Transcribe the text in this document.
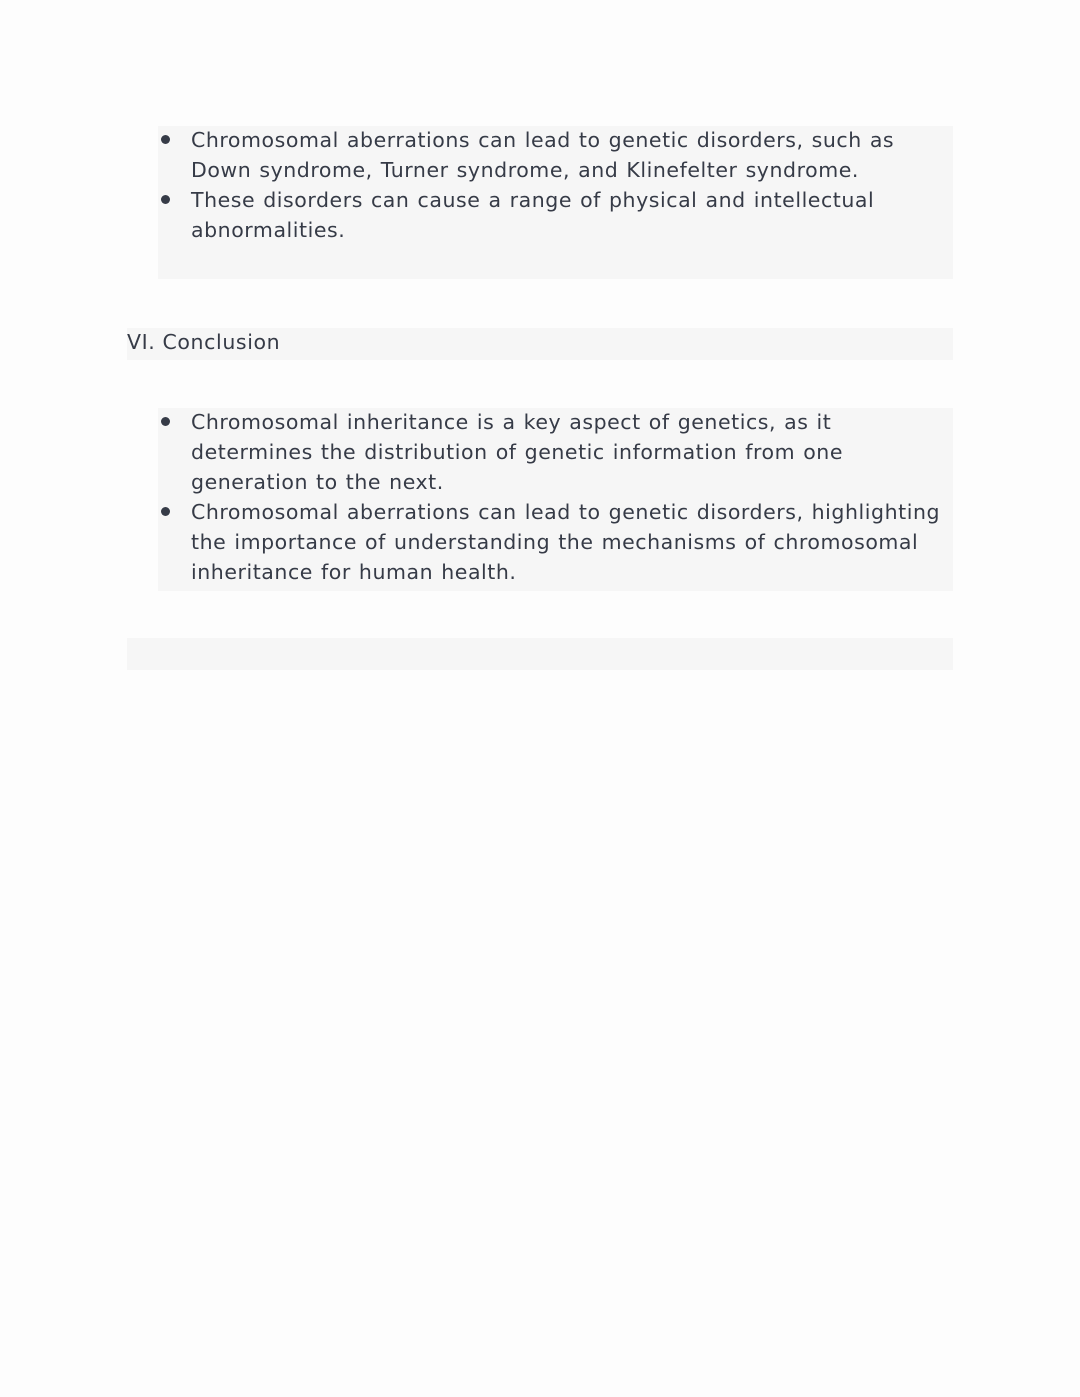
Chromosomal aberrations can lead to genetic disorders, such as Down syndrome, Turner syndrome, and Klinefelter syndrome.
These disorders can cause a range of physical and intellectual abnormalities.
VI. Conclusion
Chromosomal inheritance is a key aspect of genetics, as it determines the distribution of genetic information from one generation to the next.
Chromosomal aberrations can lead to genetic disorders, highlighting the importance of understanding the mechanisms of chromosomal inheritance for human health.
